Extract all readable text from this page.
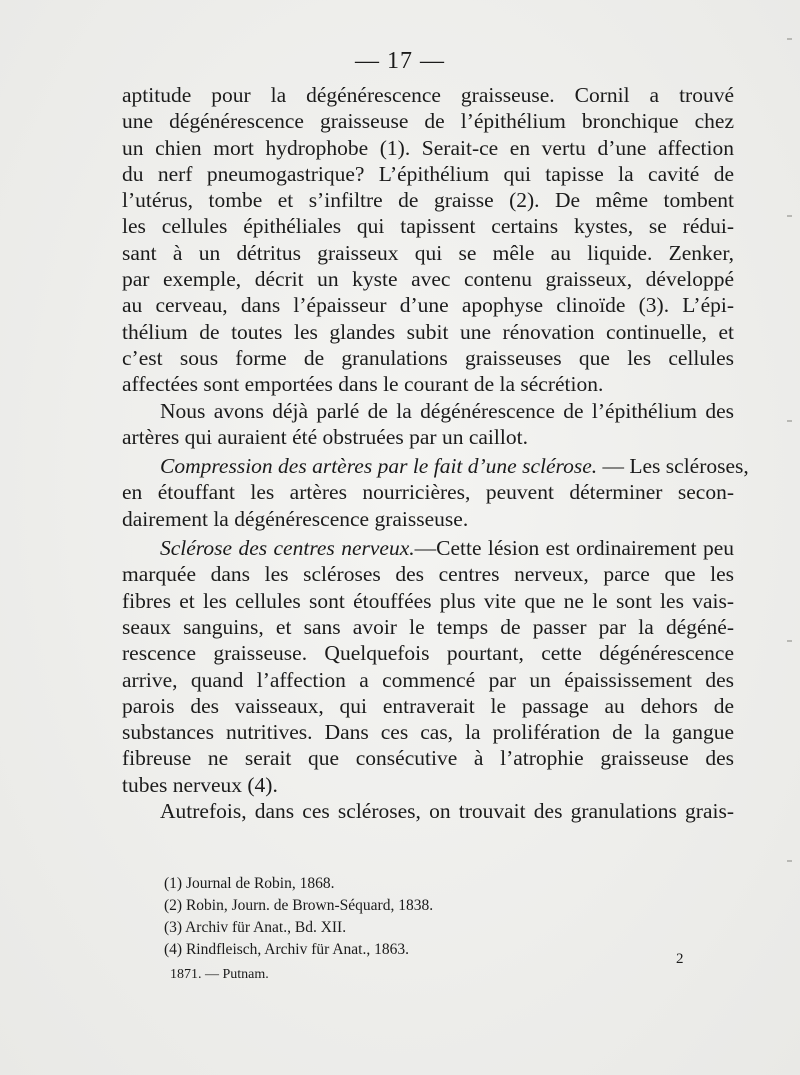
— 17 —
aptitude pour la dégénérescence graisseuse. Cornil a trouvé
une dégénérescence graisseuse de l’épithélium bronchique chez
un chien mort hydrophobe (1). Serait-ce en vertu d’une affection
du nerf pneumogastrique? L’épithélium qui tapisse la cavité de
l’utérus, tombe et s’infiltre de graisse (2). De même tombent
les cellules épithéliales qui tapissent certains kystes, se rédui-
sant à un détritus graisseux qui se mêle au liquide. Zenker,
par exemple, décrit un kyste avec contenu graisseux, développé
au cerveau, dans l’épaisseur d’une apophyse clinoïde (3). L’épi-
thélium de toutes les glandes subit une rénovation continuelle, et
c’est sous forme de granulations graisseuses que les cellules
affectées sont emportées dans le courant de la sécrétion.
Nous avons déjà parlé de la dégénérescence de l’épithélium des
artères qui auraient été obstruées par un caillot.
Compression des artères par le fait d’une sclérose. — Les scléroses,
en étouffant les artères nourricières, peuvent déterminer secon-
dairement la dégénérescence graisseuse.
Sclérose des centres nerveux.—Cette lésion est ordinairement peu
marquée dans les scléroses des centres nerveux, parce que les
fibres et les cellules sont étouffées plus vite que ne le sont les vais-
seaux sanguins, et sans avoir le temps de passer par la dégéné-
rescence graisseuse. Quelquefois pourtant, cette dégénérescence
arrive, quand l’affection a commencé par un épaississement des
parois des vaisseaux, qui entraverait le passage au dehors de
substances nutritives. Dans ces cas, la prolifération de la gangue
fibreuse ne serait que consécutive à l’atrophie graisseuse des
tubes nerveux (4).
Autrefois, dans ces scléroses, on trouvait des granulations grais-
(1) Journal de Robin, 1868.
(2) Robin, Journ. de Brown-Séquard, 1838.
(3) Archiv für Anat., Bd. XII.
(4) Rindfleisch, Archiv für Anat., 1863.
1871. — Putnam.
2
